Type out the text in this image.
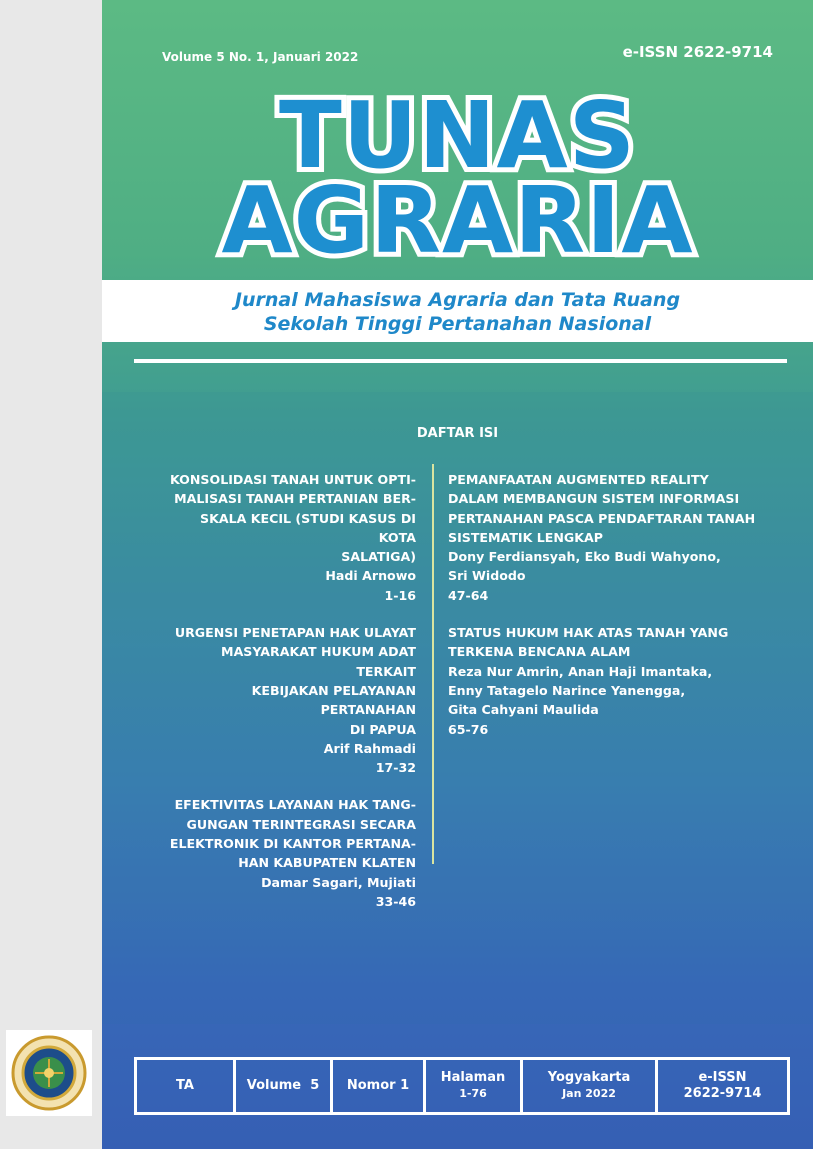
Volume 5 No. 1, Januari 2022	e-ISSN 2622-9714
TUNAS
AGRARIA
Jurnal Mahasiswa Agraria dan Tata Ruang
Sekolah Tinggi Pertanahan Nasional
DAFTAR ISI
KONSOLIDASI TANAH UNTUK OPTI-
MALISASI TANAH PERTANIAN BER-
SKALA KECIL (STUDI KASUS DI KOTA
SALATIGA)
Hadi Arnowo
1-16
URGENSI PENETAPAN HAK ULAYAT
MASYARAKAT HUKUM ADAT TERKAIT
KEBIJAKAN PELAYANAN PERTANAHAN
DI PAPUA
Arif Rahmadi
17-32
EFEKTIVITAS LAYANAN HAK TANG-
GUNGAN TERINTEGRASI SECARA
ELEKTRONIK DI KANTOR PERTANA-
HAN KABUPATEN KLATEN
Damar Sagari, Mujiati
33-46
PEMANFAATAN AUGMENTED REALITY
DALAM MEMBANGUN SISTEM INFORMASI
PERTANAHAN PASCA PENDAFTARAN TANAH
SISTEMATIK LENGKAP
Dony Ferdiansyah, Eko Budi Wahyono,
Sri Widodo
47-64
STATUS HUKUM HAK ATAS TANAH YANG
TERKENA BENCANA ALAM
Reza Nur Amrin, Anan Haji Imantaka,
Enny Tatagelo Narince Yanengga,
Gita Cahyani Maulida
65-76
TA	Volume 5 Nomor 1
Halaman
1-76
Yogyakarta
Jan 2022
e-ISSN
2622-9714
